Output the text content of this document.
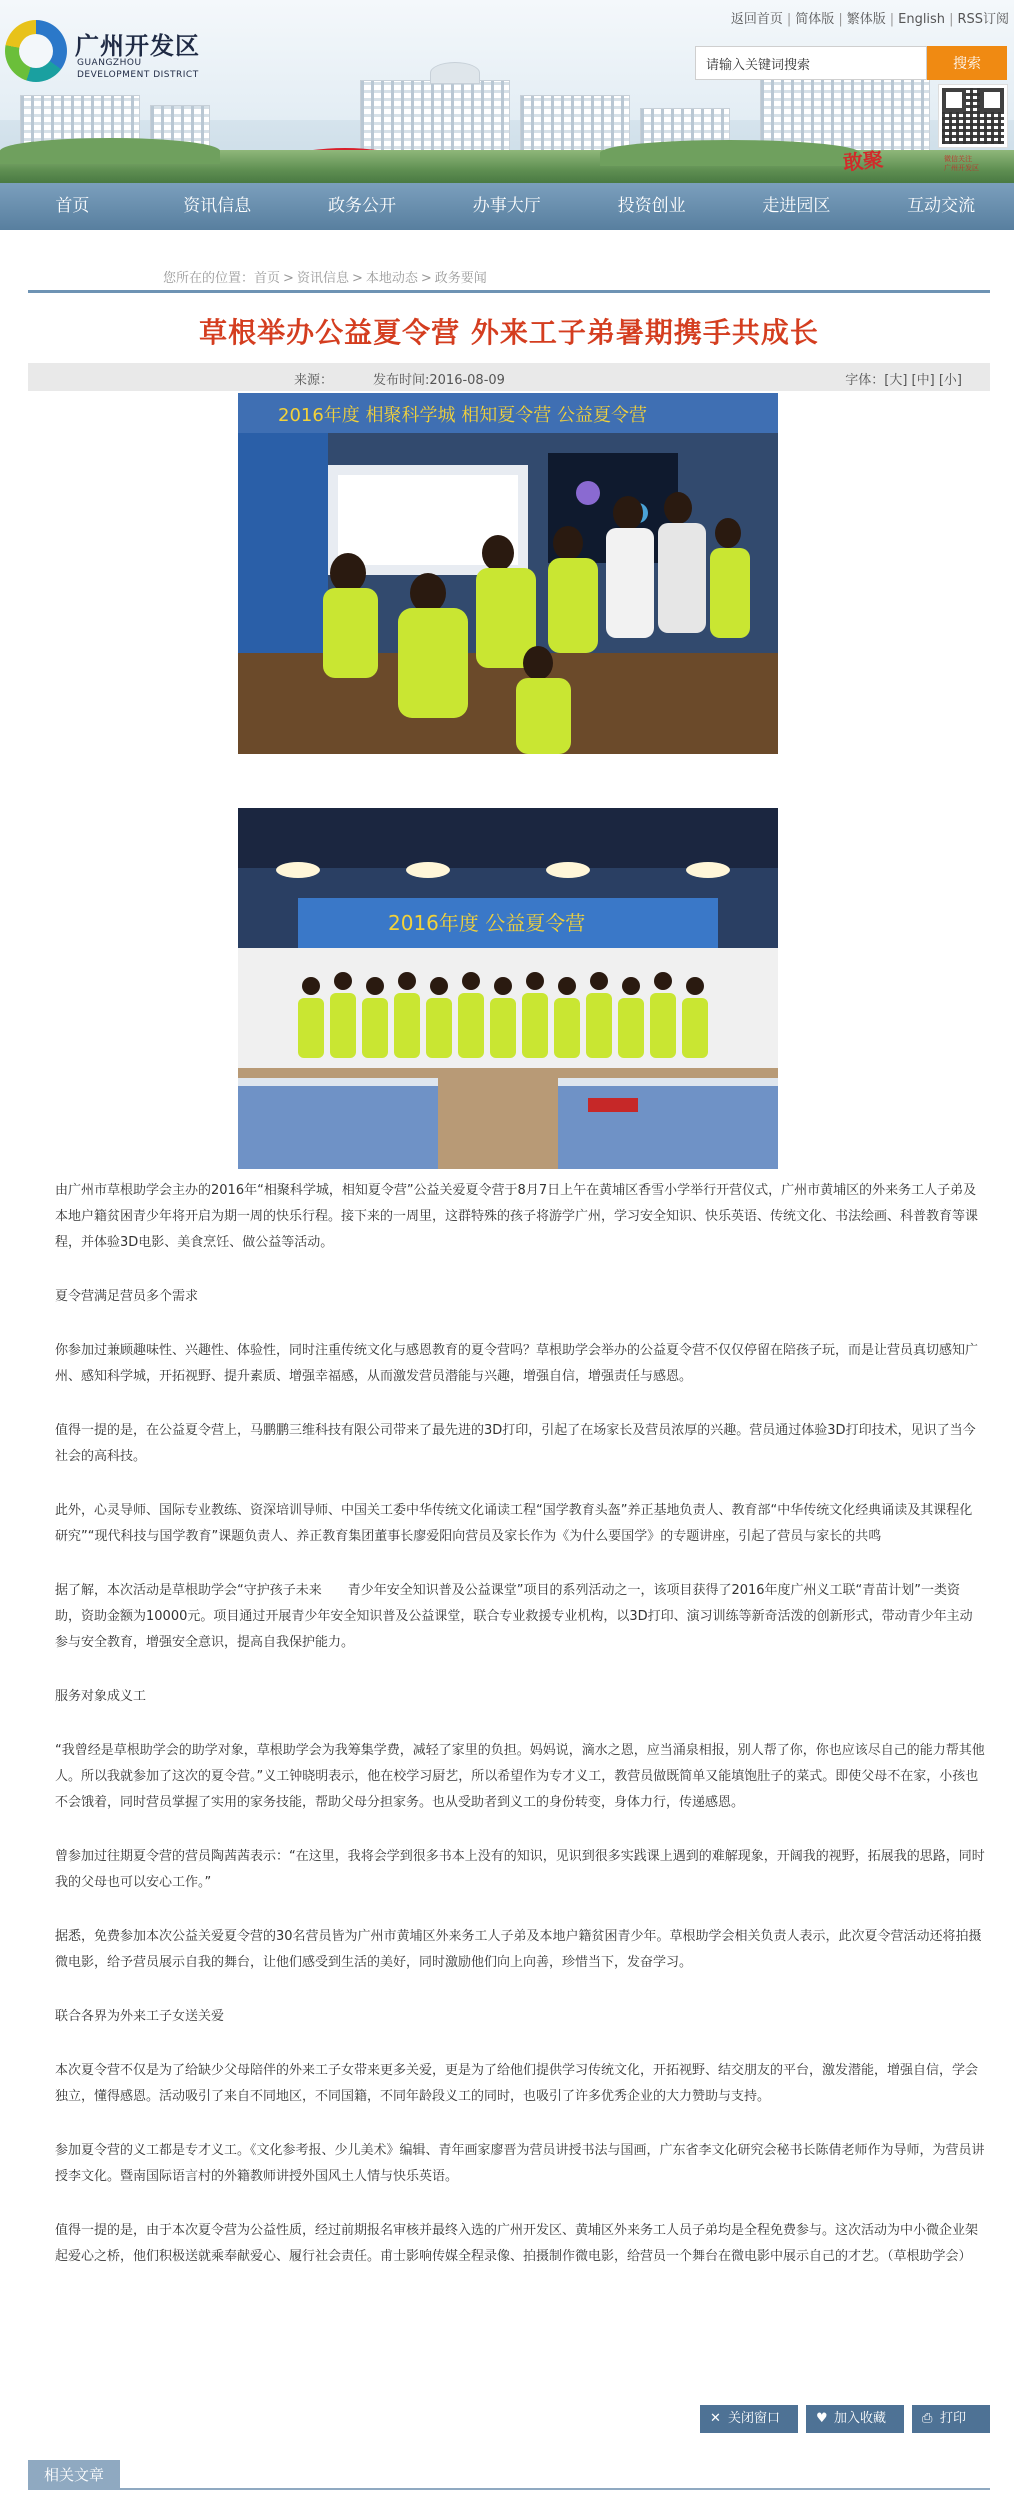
广州开发区
GUANGZHOU
DEVELOPMENT DISTRICT
返回首页 | 简体版 | 繁体版 | English | RSS订阅
请输入关键词搜索
搜索
微信关注
广州开发区
敢聚
首页	资讯信息	政务公开	办事大厅	投资创业	走进园区	互动交流
您所在的位置：首页 > 资讯信息 > 本地动态 > 政务要闻
草根举办公益夏令营 外来工子弟暑期携手共成长
来源：	发布时间:2016-08-09	字体：[大] [中] [小]
2016年度 相聚科学城 相知夏令营 公益夏令营
2016年度 公益夏令营

由广州市草根助学会主办的2016年“相聚科学城，相知夏令营”公益关爱夏令营于8月7日上午在黄埔区香雪小学举行开营仪式，广州市黄埔区的外来务工人子弟及本地户籍贫困青少年将开启为期一周的快乐行程。接下来的一周里，这群特殊的孩子将游学广州，学习安全知识、快乐英语、传统文化、书法绘画、科普教育等课程，并体验3D电影、美食烹饪、做公益等活动。

夏令营满足营员多个需求

你参加过兼顾趣味性、兴趣性、体验性，同时注重传统文化与感恩教育的夏令营吗？草根助学会举办的公益夏令营不仅仅停留在陪孩子玩，而是让营员真切感知广州、感知科学城，开拓视野、提升素质、增强幸福感，从而激发营员潜能与兴趣，增强自信，增强责任与感恩。

值得一提的是，在公益夏令营上，马鹏鹏三维科技有限公司带来了最先进的3D打印，引起了在场家长及营员浓厚的兴趣。营员通过体验3D打印技术，见识了当今社会的高科技。

此外，心灵导师、国际专业教练、资深培训导师、中国关工委中华传统文化诵读工程“国学教育头盔”养正基地负责人、教育部“中华传统文化经典诵读及其课程化研究”“现代科技与国学教育”课题负责人、养正教育集团董事长廖爱阳向营员及家长作为《为什么要国学》的专题讲座，引起了营员与家长的共鸣

据了解，本次活动是草根助学会“守护孩子未来　　青少年安全知识普及公益课堂”项目的系列活动之一，该项目获得了2016年度广州义工联“青苗计划”一类资助，资助金额为10000元。项目通过开展青少年安全知识普及公益课堂，联合专业救援专业机构，以3D打印、演习训练等新奇活泼的创新形式，带动青少年主动参与安全教育，增强安全意识，提高自我保护能力。

服务对象成义工

“我曾经是草根助学会的助学对象，草根助学会为我筹集学费，减轻了家里的负担。妈妈说，滴水之恩，应当涌泉相报，别人帮了你，你也应该尽自己的能力帮其他人。所以我就参加了这次的夏令营。”义工钟晓明表示，他在校学习厨艺，所以希望作为专才义工，教营员做既简单又能填饱肚子的菜式。即使父母不在家，小孩也不会饿着，同时营员掌握了实用的家务技能，帮助父母分担家务。也从受助者到义工的身份转变，身体力行，传递感恩。

曾参加过往期夏令营的营员陶茜茜表示：“在这里，我将会学到很多书本上没有的知识，见识到很多实践课上遇到的难解现象，开阔我的视野，拓展我的思路，同时我的父母也可以安心工作。”

据悉，免费参加本次公益关爱夏令营的30名营员皆为广州市黄埔区外来务工人子弟及本地户籍贫困青少年。草根助学会相关负责人表示，此次夏令营活动还将拍摄微电影，给予营员展示自我的舞台，让他们感受到生活的美好，同时激励他们向上向善，珍惜当下，发奋学习。

联合各界为外来工子女送关爱

本次夏令营不仅是为了给缺少父母陪伴的外来工子女带来更多关爱，更是为了给他们提供学习传统文化，开拓视野、结交朋友的平台，激发潜能，增强自信，学会独立，懂得感恩。活动吸引了来自不同地区，不同国籍，不同年龄段义工的同时，也吸引了许多优秀企业的大力赞助与支持。

参加夏令营的义工都是专才义工。《文化参考报、少儿美术》编辑、青年画家廖晋为营员讲授书法与国画，广东省李文化研究会秘书长陈倩老师作为导师，为营员讲授李文化。暨南国际语言村的外籍教师讲授外国风土人情与快乐英语。

值得一提的是，由于本次夏令营为公益性质，经过前期报名审核并最终入选的广州开发区、黄埔区外来务工人员子弟均是全程免费参与。这次活动为中小微企业架起爱心之桥，他们积极送就乘奉献爱心、履行社会责任。甫士影响传媒全程录像、拍摄制作微电影，给营员一个舞台在微电影中展示自己的才艺。（草根助学会）

✕ 关闭窗口	♥ 加入收藏	⎙ 打印
相关文章
